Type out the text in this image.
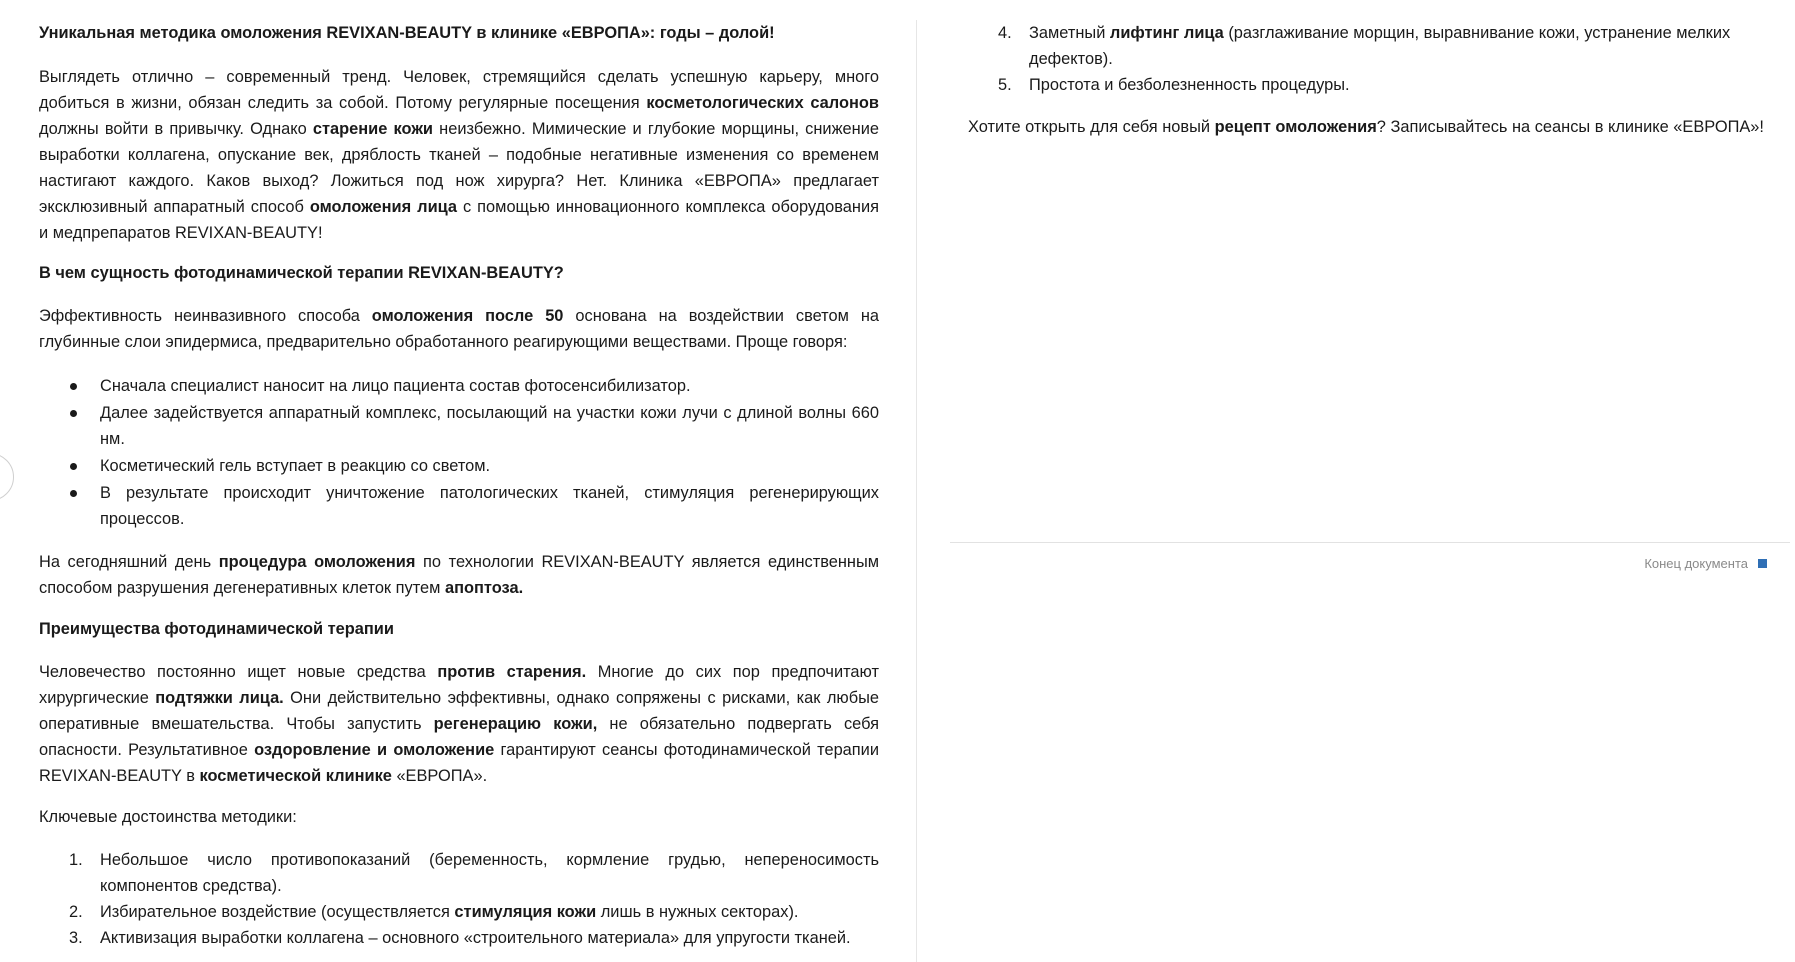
Уникальная методика омоложения REVIXAN-BEAUTY в клинике «ЕВРОПА»: годы – долой!

Выглядеть отлично – современный тренд. Человек, стремящийся сделать успешную карьеру, много добиться в жизни, обязан следить за собой. Потому регулярные посещения косметологических салонов должны войти в привычку. Однако старение кожи неизбежно. Мимические и глубокие морщины, снижение выработки коллагена, опускание век, дряблость тканей – подобные негативные изменения со временем настигают каждого. Каков выход? Ложиться под нож хирурга? Нет. Клиника «ЕВРОПА» предлагает эксклюзивный аппаратный способ омоложения лица с помощью инновационного комплекса оборудования и медпрепаратов REVIXAN-BEAUTY!

В чем сущность фотодинамической терапии REVIXAN-BEAUTY?

Эффективность неинвазивного способа омоложения после 50 основана на воздействии светом на глубинные слои эпидермиса, предварительно обработанного реагирующими веществами. Проще говоря:

Сначала специалист наносит на лицо пациента состав фотосенсибилизатор.
Далее задействуется аппаратный комплекс, посылающий на участки кожи лучи с длиной волны 660 нм.
Косметический гель вступает в реакцию со светом.
В результате происходит уничтожение патологических тканей, стимуляция регенерирующих процессов.

На сегодняшний день процедура омоложения по технологии REVIXAN-BEAUTY является единственным способом разрушения дегенеративных клеток путем апоптоза.

Преимущества фотодинамической терапии

Человечество постоянно ищет новые средства против старения. Многие до сих пор предпочитают хирургические подтяжки лица. Они действительно эффективны, однако сопряжены с рисками, как любые оперативные вмешательства. Чтобы запустить регенерацию кожи, не обязательно подвергать себя опасности. Результативное оздоровление и омоложение гарантируют сеансы фотодинамической терапии REVIXAN-BEAUTY в косметической клинике «ЕВРОПА».

Ключевые достоинства методики:

1. Небольшое число противопоказаний (беременность, кормление грудью, непереносимость компонентов средства).
2. Избирательное воздействие (осуществляется стимуляция кожи лишь в нужных секторах).
3. Активизация выработки коллагена – основного «строительного материала» для упругости тканей.
4. Заметный лифтинг лица (разглаживание морщин, выравнивание кожи, устранение мелких дефектов).
5. Простота и безболезненность процедуры.

Хотите открыть для себя новый рецепт омоложения? Записывайтесь на сеансы в клинике «ЕВРОПА»!

Конец документа
